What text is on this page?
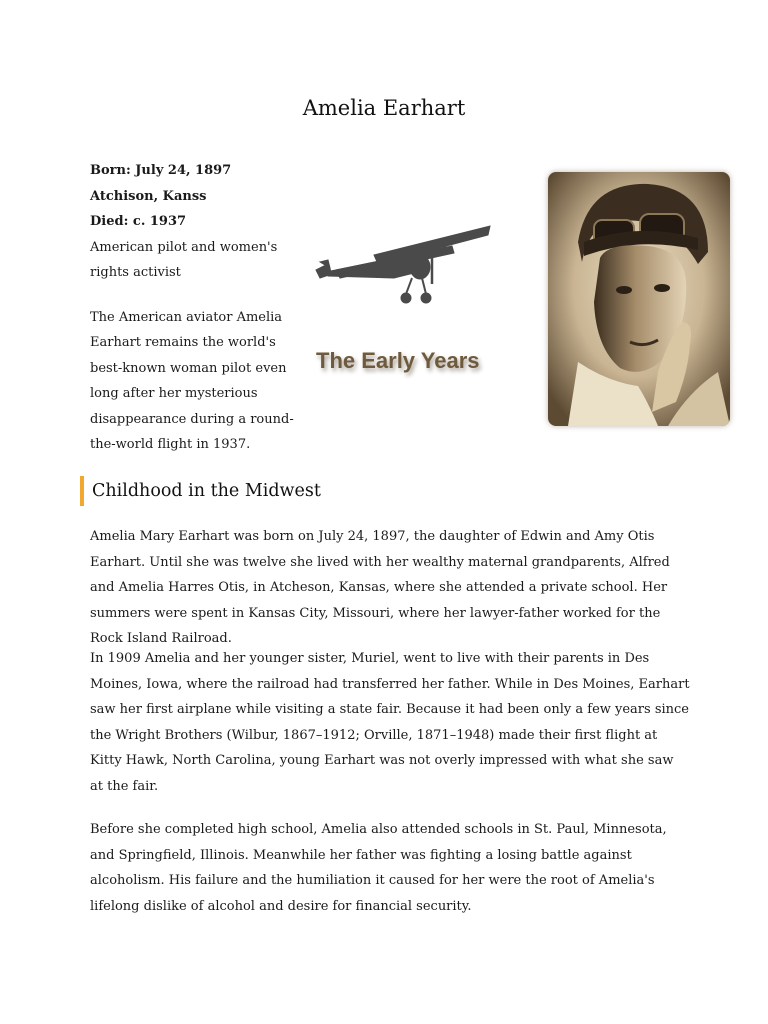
Amelia Earhart

Born: July 24, 1897

Atchison, Kanss

Died: c. 1937

American pilot and women's rights activist

The American aviator Amelia Earhart remains the world's best-known woman pilot even long after her mysterious disappearance during a round-the-world flight in 1937.

The Early Years
Childhood in the Midwest

Amelia Mary Earhart was born on July 24, 1897, the daughter of Edwin and Amy Otis Earhart. Until she was twelve she lived with her wealthy maternal grandparents, Alfred and Amelia Harres Otis, in Atcheson, Kansas, where she attended a private school. Her summers were spent in Kansas City, Missouri, where her lawyer-father worked for the Rock Island Railroad.

In 1909 Amelia and her younger sister, Muriel, went to live with their parents in Des Moines, Iowa, where the railroad had transferred her father. While in Des Moines, Earhart saw her first airplane while visiting a state fair. Because it had been only a few years since the Wright Brothers (Wilbur, 1867–1912; Orville, 1871–1948) made their first flight at Kitty Hawk, North Carolina, young Earhart was not overly impressed with what she saw at the fair.

Before she completed high school, Amelia also attended schools in St. Paul, Minnesota, and Springfield, Illinois. Meanwhile her father was fighting a losing battle against alcoholism. His failure and the humiliation it caused for her were the root of Amelia's lifelong dislike of alcohol and desire for financial security.
